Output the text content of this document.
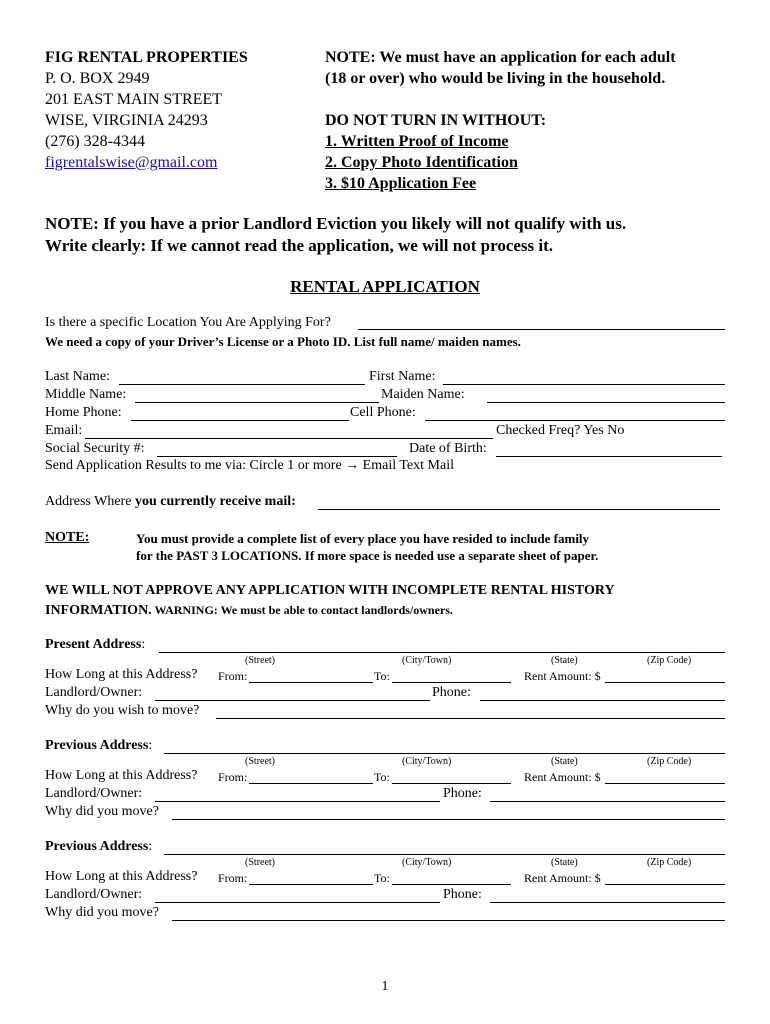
FIG RENTAL PROPERTIES
P. O. BOX 2949
201 EAST MAIN STREET
WISE, VIRGINIA 24293
(276) 328-4344
figrentalswise@gmail.com
NOTE: We must have an application for each adult
(18 or over) who would be living in the household.
DO NOT TURN IN WITHOUT:
1. Written Proof of Income
2. Copy Photo Identification
3. $10 Application Fee
NOTE: If you have a prior Landlord Eviction you likely will not qualify with us.
Write clearly: If we cannot read the application, we will not process it.
RENTAL APPLICATION
Is there a specific Location You Are Applying For?
We need a copy of your Driver’s License or a Photo ID. List full name/ maiden names.
Last Name:	First Name:
Middle Name:	Maiden Name:
Home Phone:	Cell Phone:
Email:	Checked Freq? Yes No
Social Security #:	Date of Birth:
Send Application Results to me via: Circle 1 or more → Email Text Mail
Address Where you currently receive mail:
NOTE:	You must provide a complete list of every place you have resided to include family
for the PAST 3 LOCATIONS. If more space is needed use a separate sheet of paper.
WE WILL NOT APPROVE ANY APPLICATION WITH INCOMPLETE RENTAL HISTORY
INFORMATION. WARNING: We must be able to contact landlords/owners.
Present Address:
(Street)	(City/Town)	(State)	(Zip Code)
How Long at this Address? From:	To:	Rent Amount: $
Landlord/Owner:	Phone:
Why do you wish to move?
Previous Address:
(Street)	(City/Town)	(State)	(Zip Code)
How Long at this Address? From:	To:	Rent Amount: $
Landlord/Owner:	Phone:
Why did you move?
Previous Address:
(Street)	(City/Town)	(State)	(Zip Code)
How Long at this Address? From:	To:	Rent Amount: $
Landlord/Owner:	Phone:
Why did you move?
1
